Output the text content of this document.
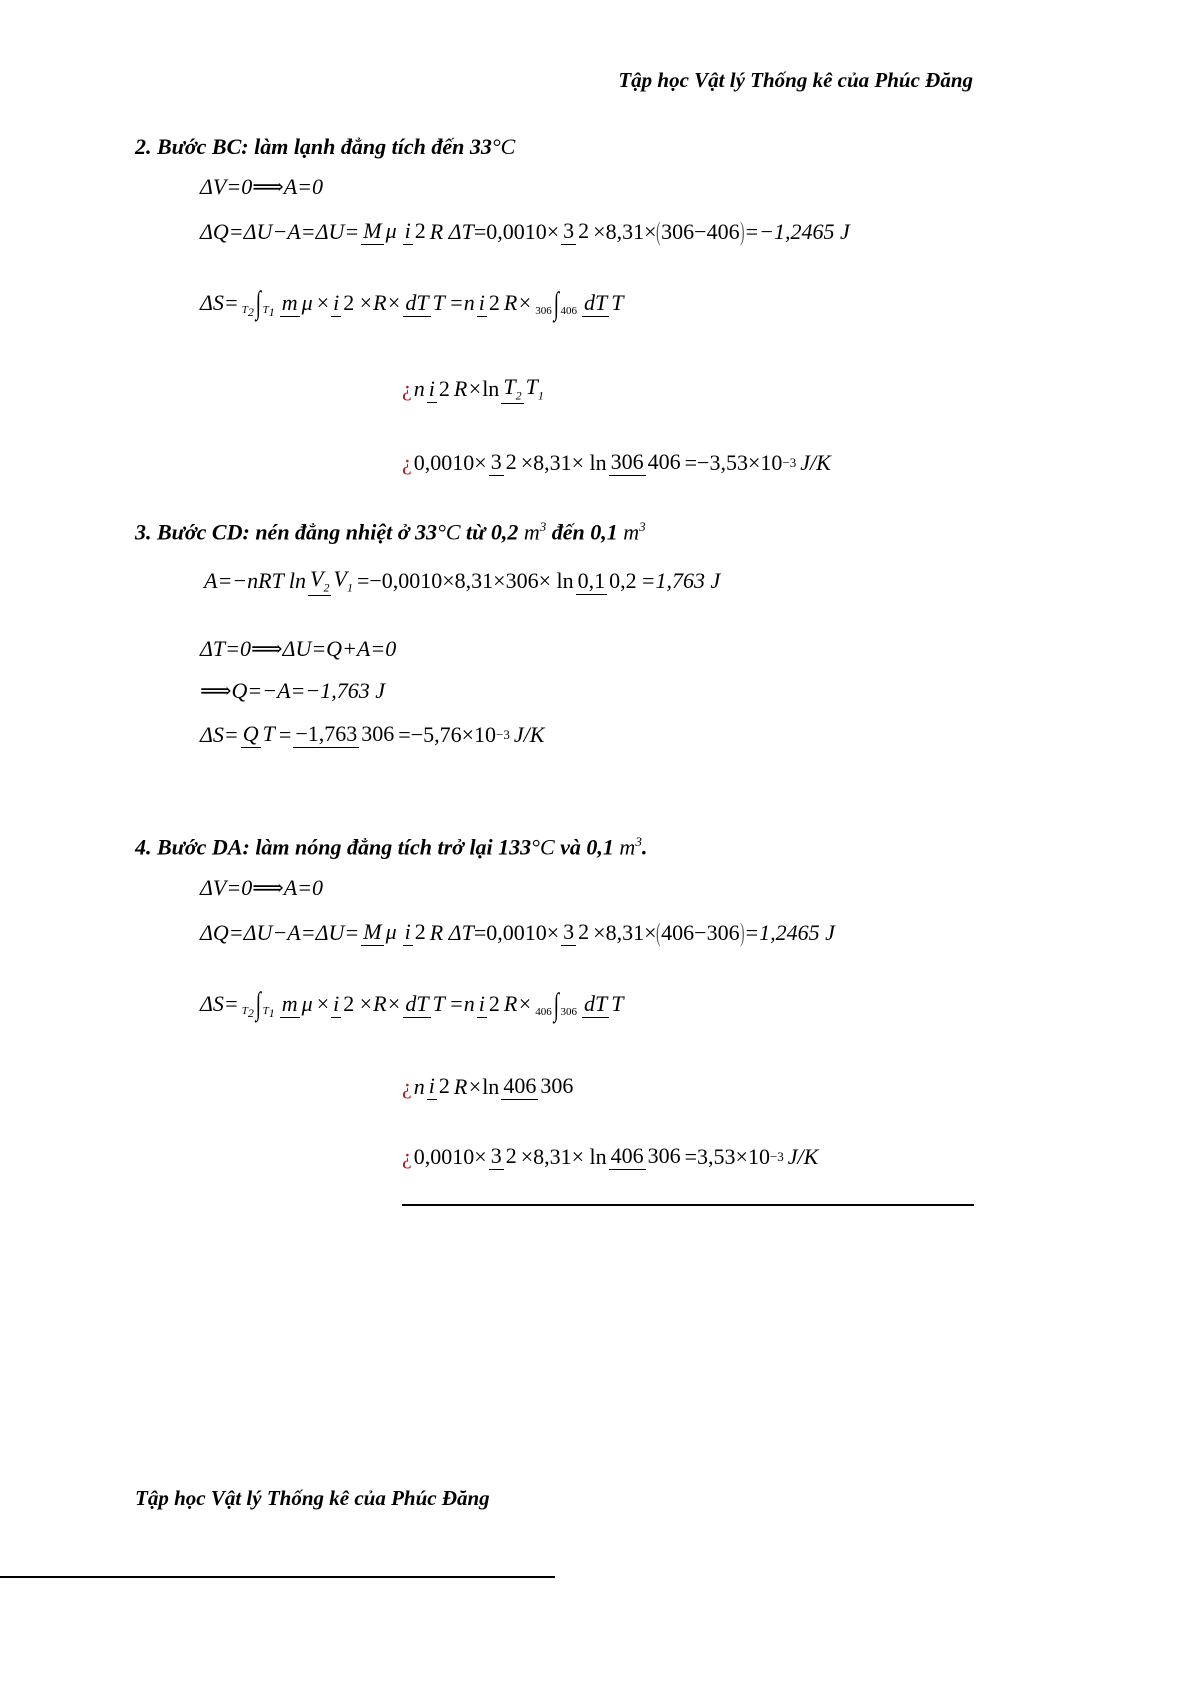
Tập học Vật lý Thống kê của Phúc Đăng
2. Bước BC: làm lạnh đẳng tích đến 33°C
ΔV=0⟹A=0
ΔQ=ΔU−A=ΔU= M μ i 2 R ΔT =0,0010× 3 2 ×8,31× ( 306−406 ) =−1,2465 J
$\Delta S= T_2\int$ $T_1$ m μ × i 2 ×R× dT T =n i 2 R× 306∫ 406 dT T
¿ n i 2 $R\times \ln T_2$ $T_1$
¿ 0,0010× 3 2 ×8,31× ln 306 406 =−3,53×10 −3 J/K
3. Bước CD: nén đẳng nhiệt ở 33°C từ 0,2 $m^3$ đến 0,1 $m^3$
A=−nRT $\ln V_2$ $V_1 =-0,0010\times 8,31\times 306\times \ln 0,1$ 0,2 =1,763 J
ΔT=0⟹ΔU=Q+A=0
⟹Q=−A=−1,763 J
ΔS= Q T = −1,763 306 =−5,76×10 −3 J/K
4. Bước DA: làm nóng đẳng tích trở lại 133°C và 0,1 $m^3$.
ΔV=0⟹A=0
ΔQ=ΔU−A=ΔU= M μ i 2 R ΔT =0,0010× 3 2 ×8,31× ( 406−306 ) =1,2465 J
$\Delta S= T_2\int$ $T_1$ m μ × i 2 ×R× dT T =n i 2 R× 406∫ 306 dT T
¿ n i 2 R× ln 406 306
¿ 0,0010× 3 2 ×8,31× ln 406 306 =3,53×10 −3 J/K
Tập học Vật lý Thống kê của Phúc Đăng
